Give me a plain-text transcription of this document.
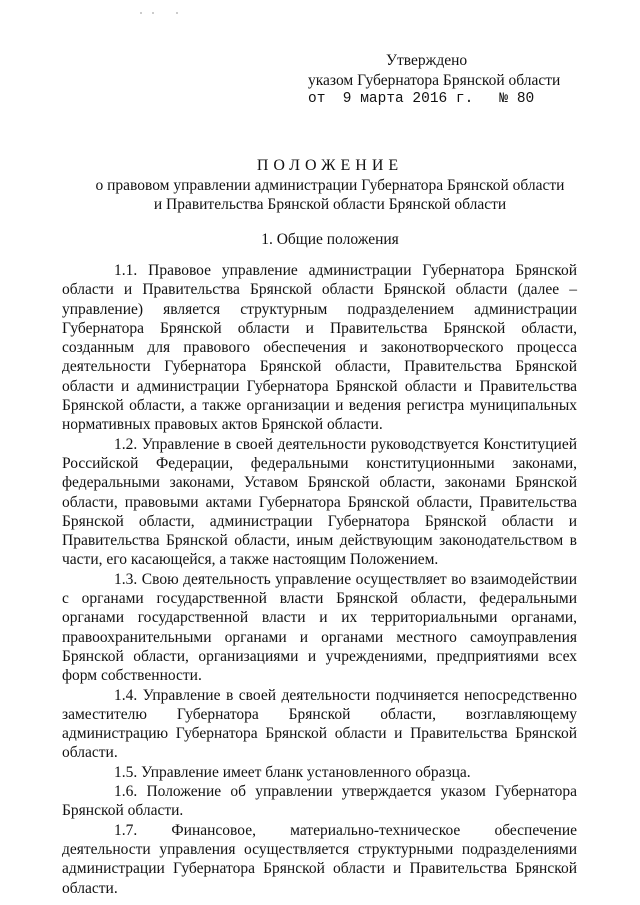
Утверждено
указом Губернатора Брянской области
от  9 марта 2016 г.   № 80
ПОЛОЖЕНИЕ
о правовом управлении администрации Губернатора Брянской области
и Правительства Брянской области Брянской области
1. Общие положения

1.1. Правовое управление администрации Губернатора Брянской области и Правительства Брянской области Брянской области (далее – управление) является структурным подразделением администрации Губернатора Брянской области и Правительства Брянской области, созданным для правового обеспечения и законотворческого процесса деятельности Губернатора Брянской области, Правительства Брянской области и администрации Губернатора Брянской области и Правительства Брянской области, а также организации и ведения регистра муниципальных нормативных правовых актов Брянской области.

1.2. Управление в своей деятельности руководствуется Конституцией Российской Федерации, федеральными конституционными законами, федеральными законами, Уставом Брянской области, законами Брянской области, правовыми актами Губернатора Брянской области, Правительства Брянской области, администрации Губернатора Брянской области и Правительства Брянской области, иным действующим законодательством в части, его касающейся, а также настоящим Положением.

1.3. Свою деятельность управление осуществляет во взаимодействии с органами государственной власти Брянской области, федеральными органами государственной власти и их территориальными органами, правоохранительными органами и органами местного самоуправления Брянской области, организациями и учреждениями, предприятиями всех форм собственности.

1.4. Управление в своей деятельности подчиняется непосредственно заместителю Губернатора Брянской области, возглавляющему администрацию Губернатора Брянской области и Правительства Брянской области.

1.5. Управление имеет бланк установленного образца.

1.6. Положение об управлении утверждается указом Губернатора Брянской области.

1.7. Финансовое, материально-техническое обеспечение деятельности управления осуществляется структурными подразделениями администрации Губернатора Брянской области и Правительства Брянской области.
